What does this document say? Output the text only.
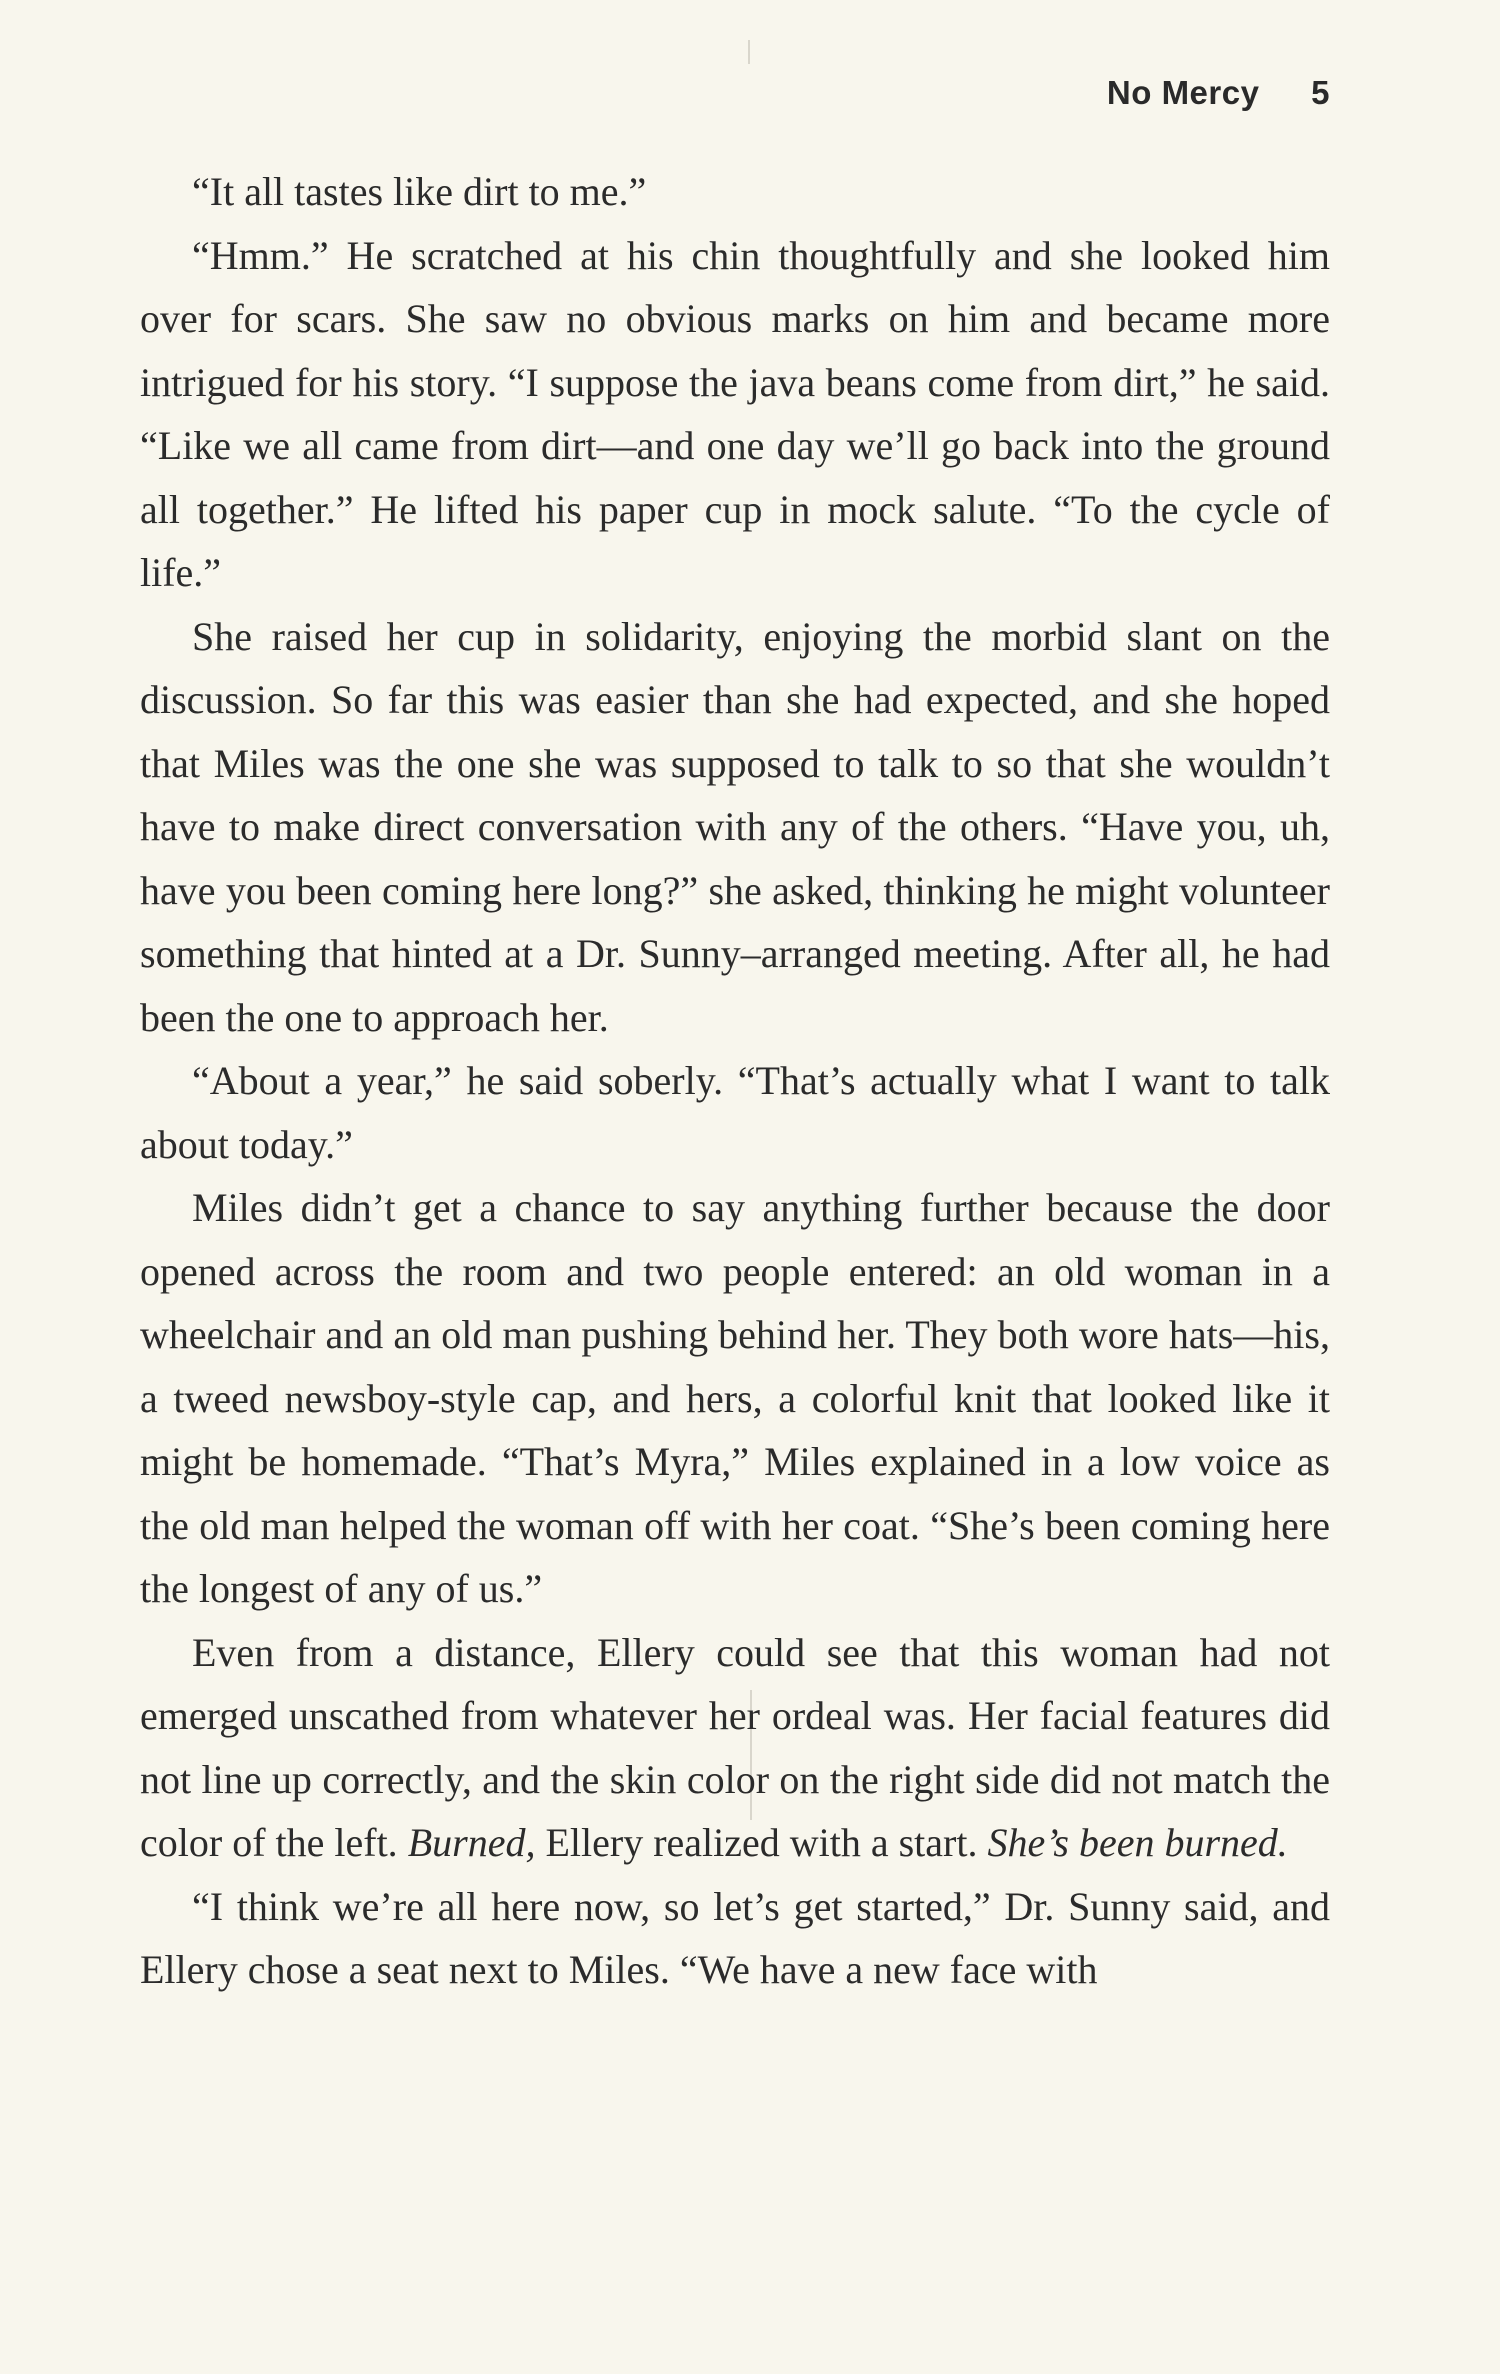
No Mercy 5

“It all tastes like dirt to me.”

“Hmm.” He scratched at his chin thoughtfully and she looked him over for scars. She saw no obvious marks on him and became more intrigued for his story. “I suppose the java beans come from dirt,” he said. “Like we all came from dirt—and one day we’ll go back into the ground all together.” He lifted his paper cup in mock salute. “To the cycle of life.”

She raised her cup in solidarity, enjoying the morbid slant on the discussion. So far this was easier than she had expected, and she hoped that Miles was the one she was supposed to talk to so that she wouldn’t have to make direct conversation with any of the others. “Have you, uh, have you been coming here long?” she asked, thinking he might volunteer something that hinted at a Dr. Sunny–arranged meeting. After all, he had been the one to approach her.

“About a year,” he said soberly. “That’s actually what I want to talk about today.”

Miles didn’t get a chance to say anything further because the door opened across the room and two people entered: an old woman in a wheelchair and an old man pushing behind her. They both wore hats—his, a tweed newsboy-style cap, and hers, a colorful knit that looked like it might be homemade. “That’s Myra,” Miles explained in a low voice as the old man helped the woman off with her coat. “She’s been coming here the longest of any of us.”

Even from a distance, Ellery could see that this woman had not emerged unscathed from whatever her ordeal was. Her facial features did not line up correctly, and the skin color on the right side did not match the color of the left. Burned, Ellery realized with a start. She’s been burned.

“I think we’re all here now, so let’s get started,” Dr. Sunny said, and Ellery chose a seat next to Miles. “We have a new face with
